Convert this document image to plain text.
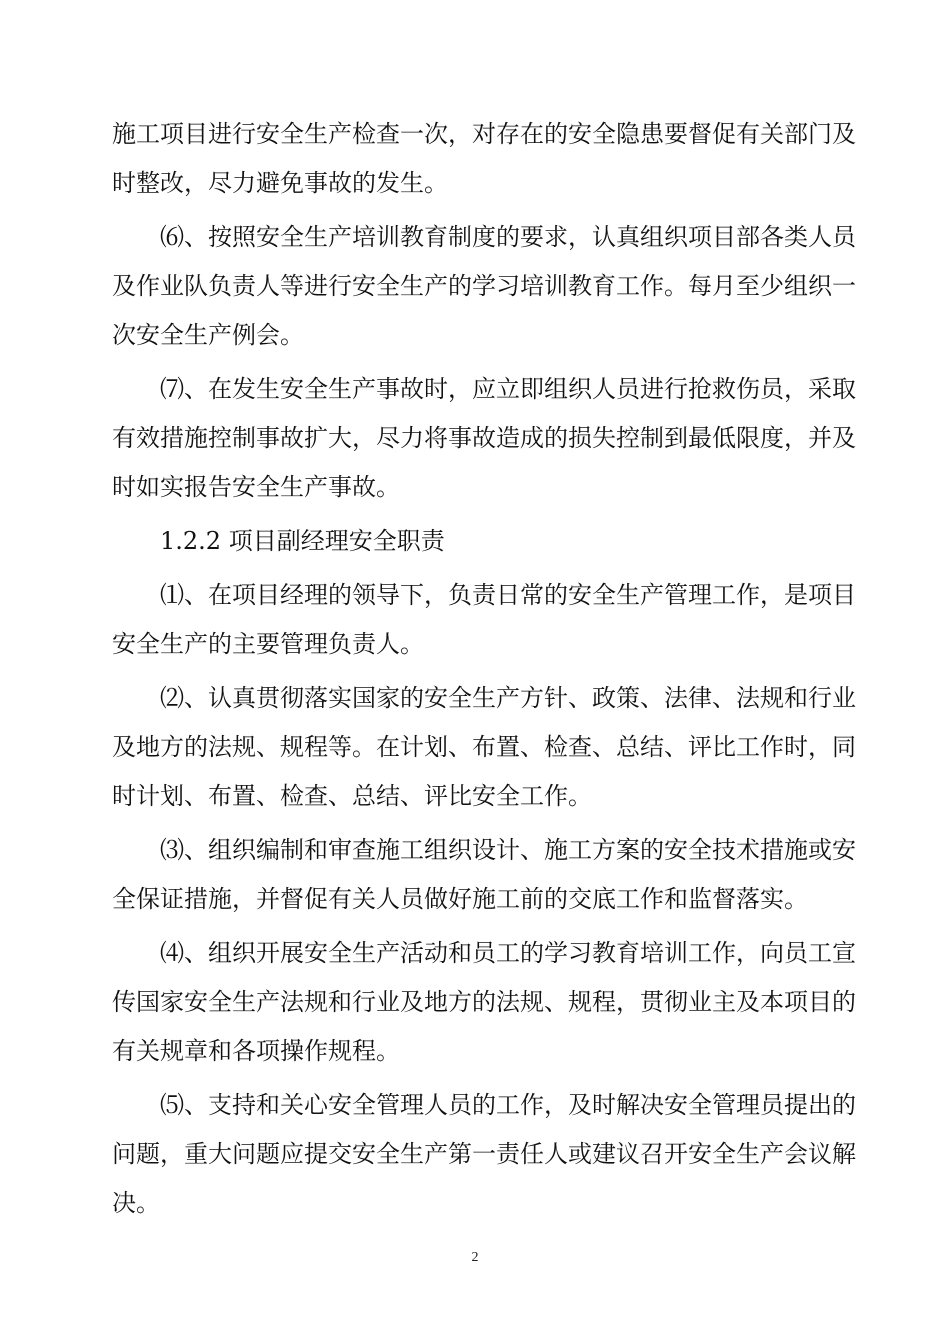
施工项目进行安全生产检查一次，对存在的安全隐患要督促有关部门及
时整改，尽力避免事故的发生。

⑹、按照安全生产培训教育制度的要求，认真组织项目部各类人员
及作业队负责人等进行安全生产的学习培训教育工作。每月至少组织一
次安全生产例会。

⑺、在发生安全生产事故时，应立即组织人员进行抢救伤员，采取
有效措施控制事故扩大，尽力将事故造成的损失控制到最低限度，并及
时如实报告安全生产事故。

1.2.2 项目副经理安全职责

⑴、在项目经理的领导下，负责日常的安全生产管理工作，是项目
安全生产的主要管理负责人。

⑵、认真贯彻落实国家的安全生产方针、政策、法律、法规和行业
及地方的法规、规程等。在计划、布置、检查、总结、评比工作时，同
时计划、布置、检查、总结、评比安全工作。

⑶、组织编制和审查施工组织设计、施工方案的安全技术措施或安
全保证措施，并督促有关人员做好施工前的交底工作和监督落实。

⑷、组织开展安全生产活动和员工的学习教育培训工作，向员工宣
传国家安全生产法规和行业及地方的法规、规程，贯彻业主及本项目的
有关规章和各项操作规程。

⑸、支持和关心安全管理人员的工作，及时解决安全管理员提出的
问题，重大问题应提交安全生产第一责任人或建议召开安全生产会议解
决。

2
